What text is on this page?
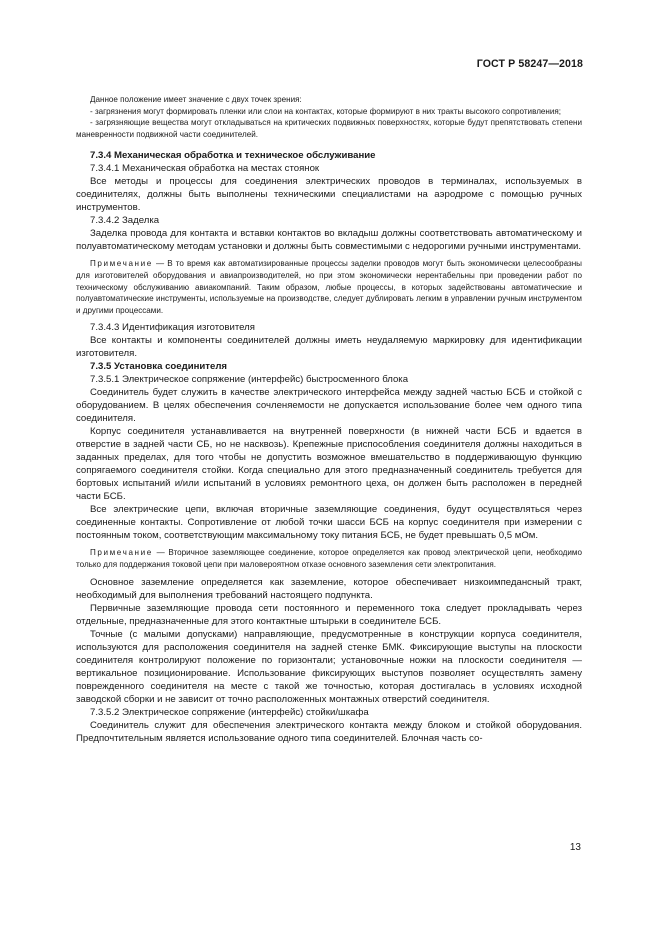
ГОСТ Р 58247—2018

Данное положение имеет значение с двух точек зрения:

- загрязнения могут формировать пленки или слои на контактах, которые формируют в них тракты высокого сопротивления;

- загрязняющие вещества могут откладываться на критических подвижных поверхностях, которые будут препятствовать степени маневренности подвижной части соединителей.

7.3.4 Механическая обработка и техническое обслуживание

7.3.4.1 Механическая обработка на местах стоянок

Все методы и процессы для соединения электрических проводов в терминалах, используемых в соединителях, должны быть выполнены техническими специалистами на аэродроме с помощью ручных инструментов.

7.3.4.2 Заделка

Заделка провода для контакта и вставки контактов во вкладыш должны соответствовать автоматическому и полуавтоматическому методам установки и должны быть совместимыми с недорогими ручными инструментами.

Примечание — В то время как автоматизированные процессы заделки проводов могут быть экономически целесообразны для изготовителей оборудования и авиапроизводителей, но при этом экономически нерентабельны при проведении работ по техническому обслуживанию авиакомпаний. Таким образом, любые процессы, в которых задействованы автоматические и полуавтоматические инструменты, используемые на производстве, следует дублировать легким в управлении ручным инструментом и другими процессами.

7.3.4.3 Идентификация изготовителя

Все контакты и компоненты соединителей должны иметь неудаляемую маркировку для идентификации изготовителя.

7.3.5 Установка соединителя

7.3.5.1 Электрическое сопряжение (интерфейс) быстросменного блока

Соединитель будет служить в качестве электрического интерфейса между задней частью БСБ и стойкой с оборудованием. В целях обеспечения сочленяемости не допускается использование более чем одного типа соединителя.

Корпус соединителя устанавливается на внутренней поверхности (в нижней части БСБ и вдается в отверстие в задней части СБ, но не насквозь). Крепежные приспособления соединителя должны находиться в заданных пределах, для того чтобы не допустить возможное вмешательство в поддерживающую функцию сопрягаемого соединителя стойки. Когда специально для этого предназначенный соединитель требуется для бортовых испытаний и/или испытаний в условиях ремонтного цеха, он должен быть расположен в передней части БСБ.

Все электрические цепи, включая вторичные заземляющие соединения, будут осуществляться через соединенные контакты. Сопротивление от любой точки шасси БСБ на корпус соединителя при измерении с постоянным током, соответствующим максимальному току питания БСБ, не будет превышать 0,5 мОм.

Примечание — Вторичное заземляющее соединение, которое определяется как провод электрической цепи, необходимо только для поддержания токовой цепи при маловероятном отказе основного заземления сети электропитания.

Основное заземление определяется как заземление, которое обеспечивает низкоимпедансный тракт, необходимый для выполнения требований настоящего подпункта.

Первичные заземляющие провода сети постоянного и переменного тока следует прокладывать через отдельные, предназначенные для этого контактные штырьки в соединителе БСБ.

Точные (с малыми допусками) направляющие, предусмотренные в конструкции корпуса соединителя, используются для расположения соединителя на задней стенке БМК. Фиксирующие выступы на плоскости соединителя контролируют положение по горизонтали; установочные ножки на плоскости соединителя — вертикальное позиционирование. Использование фиксирующих выступов позволяет осуществлять замену поврежденного соединителя на месте с такой же точностью, которая достигалась в условиях исходной заводской сборки и не зависит от точно расположенных монтажных отверстий соединителя.

7.3.5.2 Электрическое сопряжение (интерфейс) стойки/шкафа

Соединитель служит для обеспечения электрического контакта между блоком и стойкой оборудования. Предпочтительным является использование одного типа соединителей. Блочная часть со-

13
